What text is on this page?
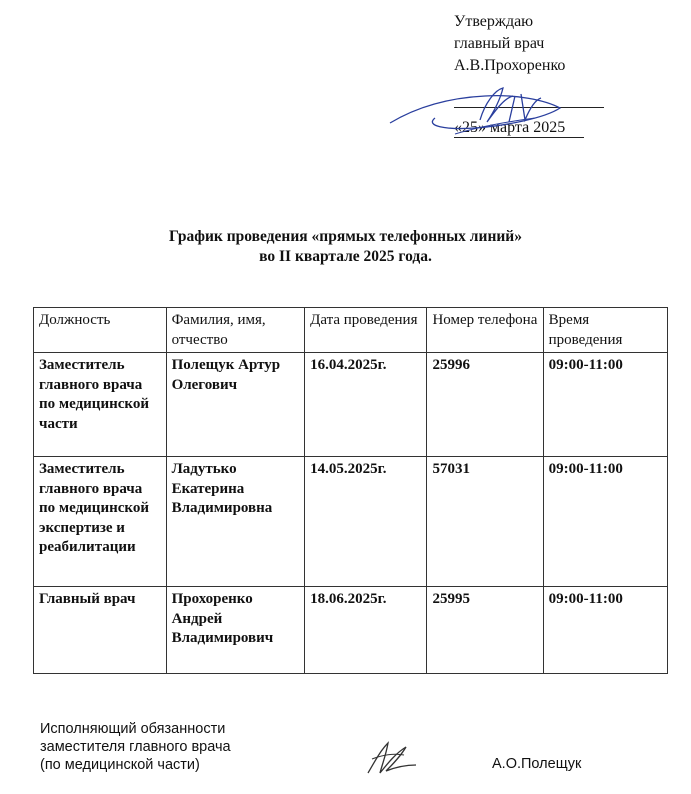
Утверждаю
главный врач
А.В.Прохоренко
«25» марта 2025
График проведения «прямых телефонных линий»
во II квартале 2025 года.
Должность	Фамилия, имя, отчество	Дата проведения	Номер телефона	Время проведения
Заместитель главного врача по медицинской части	Полещук Артур Олегович	16.04.2025г.	25996	09:00-11:00
Заместитель главного врача по медицинской экспертизе и реабилитации	Ладутько Екатерина Владимировна	14.05.2025г.	57031	09:00-11:00
Главный врач	Прохоренко Андрей Владимирович	18.06.2025г.	25995	09:00-11:00
Исполняющий обязанности
заместителя главного врача
(по медицинской части)	А.О.Полещук
